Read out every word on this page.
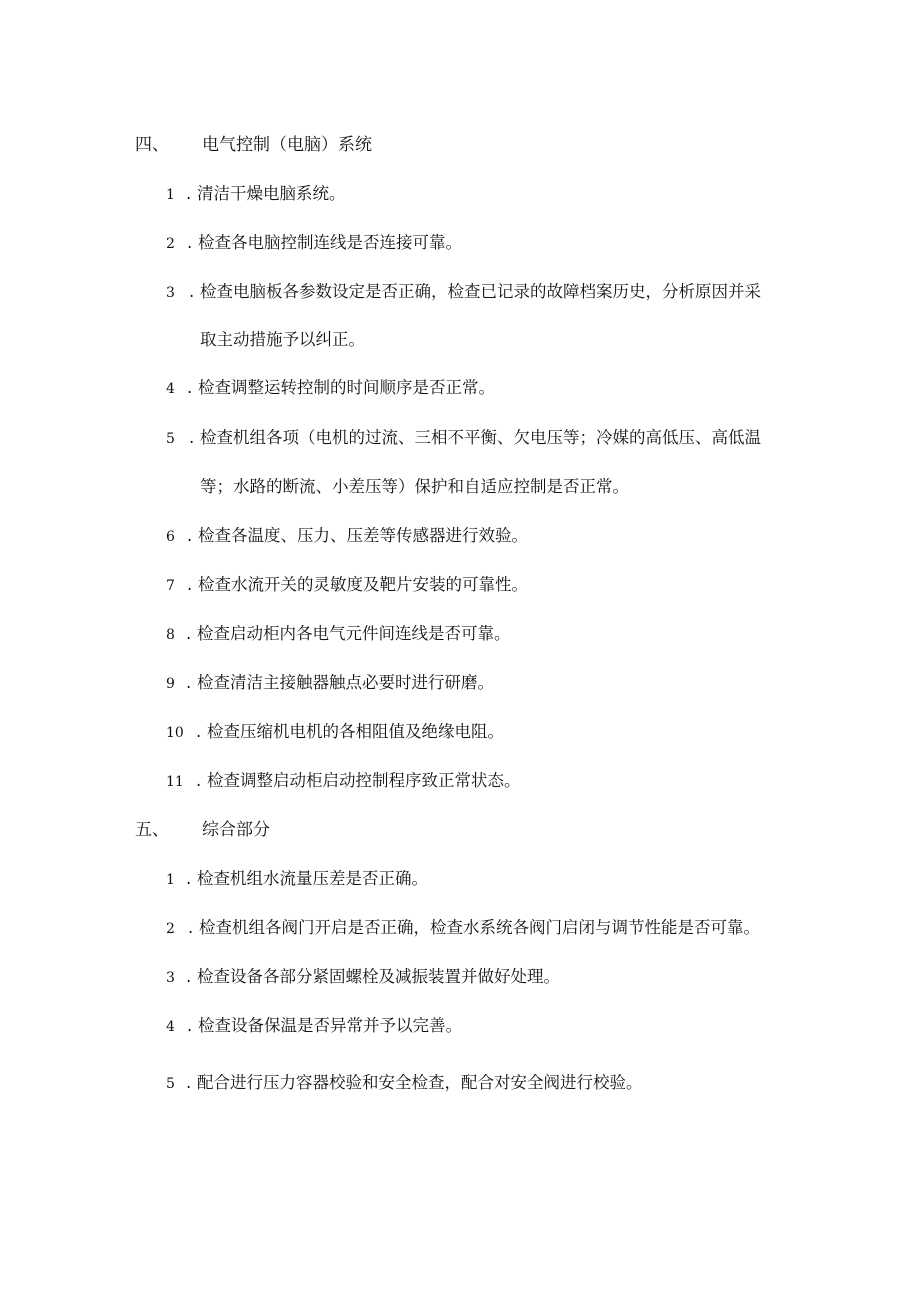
四、 电气控制（电脑）系统
1 . 清洁干燥电脑系统。
2 . 检查各电脑控制连线是否连接可靠。
3 . 检查电脑板各参数设定是否正确，检查已记录的故障档案历史，分析原因并采
取主动措施予以纠正。
4 . 检查调整运转控制的时间顺序是否正常。
5 . 检查机组各项（电机的过流、三相不平衡、欠电压等；冷媒的高低压、高低温
等；水路的断流、小差压等）保护和自适应控制是否正常。
6 . 检查各温度、压力、压差等传感器进行效验。
7 . 检查水流开关的灵敏度及靶片安装的可靠性。
8 . 检查启动柜内各电气元件间连线是否可靠。
9 . 检查清洁主接触器触点必要时进行研磨。
10 . 检查压缩机电机的各相阻值及绝缘电阻。
11 . 检查调整启动柜启动控制程序致正常状态。
五、 综合部分
1 . 检查机组水流量压差是否正确。
2 . 检查机组各阀门开启是否正确，检查水系统各阀门启闭与调节性能是否可靠。
3 . 检查设备各部分紧固螺栓及减振装置并做好处理。
4 . 检查设备保温是否异常并予以完善。
5 . 配合进行压力容器校验和安全检查，配合对安全阀进行校验。
